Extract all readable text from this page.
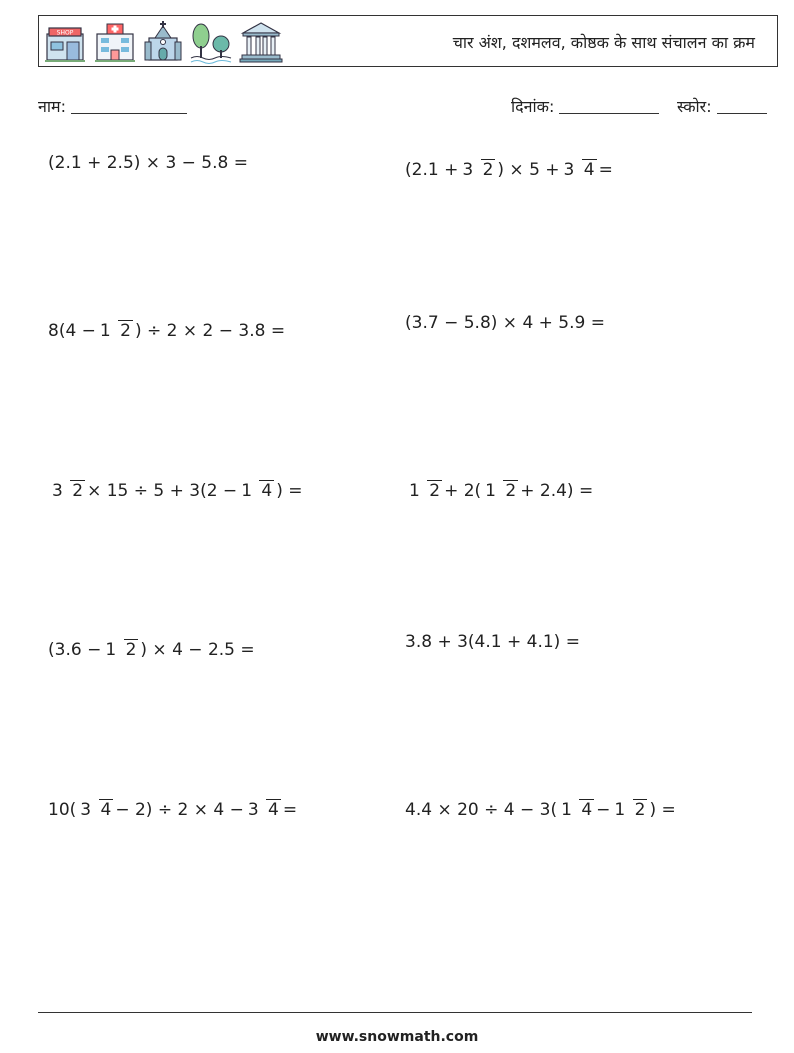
SHOP	चार अंश, दशमलव, कोष्ठक के साथ संचालन का क्रम
नाम:	दिनांक:	स्कोर:
(2.1 + 2.5) × 3 − 5.8 =	(2.1 + 3 2 ) × 5 + 3 4 =
8(4 − 1 2 ) ÷ 2 × 2 − 3.8 =	(3.7 − 5.8) × 4 + 5.9 =
3 2 × 15 ÷ 5 + 3(2 − 1 4 ) =	1 2 + 2( 1 2 + 2.4) =
(3.6 − 1 2 ) × 4 − 2.5 =	3.8 + 3(4.1 + 4.1) =
10( 3 4 − 2) ÷ 2 × 4 − 3 4 =	4.4 × 20 ÷ 4 − 3( 1 4 − 1 2 ) =
www.snowmath.com
